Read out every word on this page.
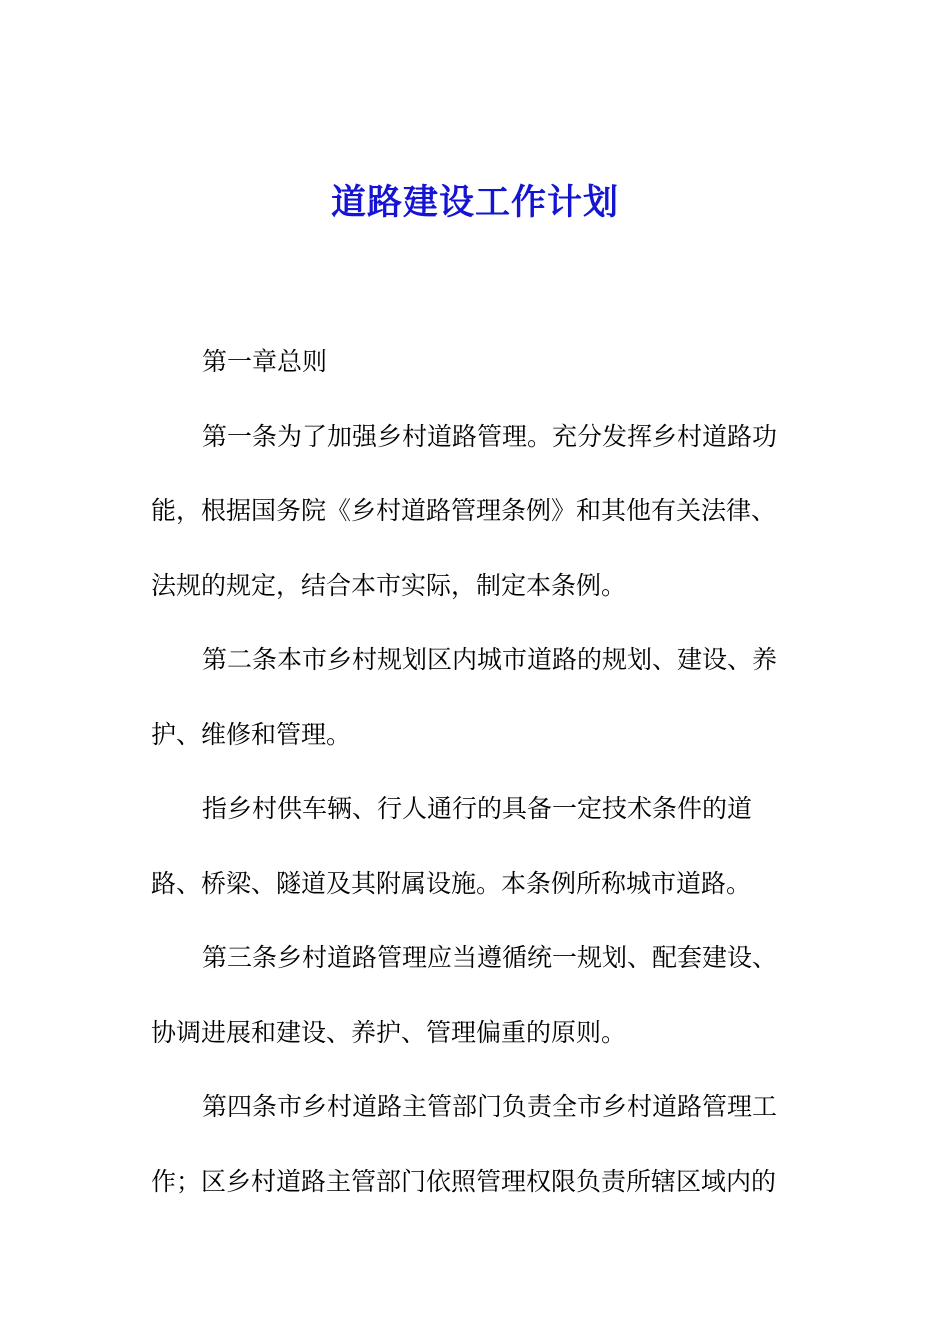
道路建设工作计划

第一章总则

第一条为了加强乡村道路管理。充分发挥乡村道路功能，根据国务院《乡村道路管理条例》和其他有关法律、法规的规定，结合本市实际，制定本条例。

第二条本市乡村规划区内城市道路的规划、建设、养护、维修和管理。

指乡村供车辆、行人通行的具备一定技术条件的道路、桥梁、隧道及其附属设施。本条例所称城市道路。

第三条乡村道路管理应当遵循统一规划、配套建设、协调进展和建设、养护、管理偏重的原则。

第四条市乡村道路主管部门负责全市乡村道路管理工作；区乡村道路主管部门依照管理权限负责所辖区域内的
